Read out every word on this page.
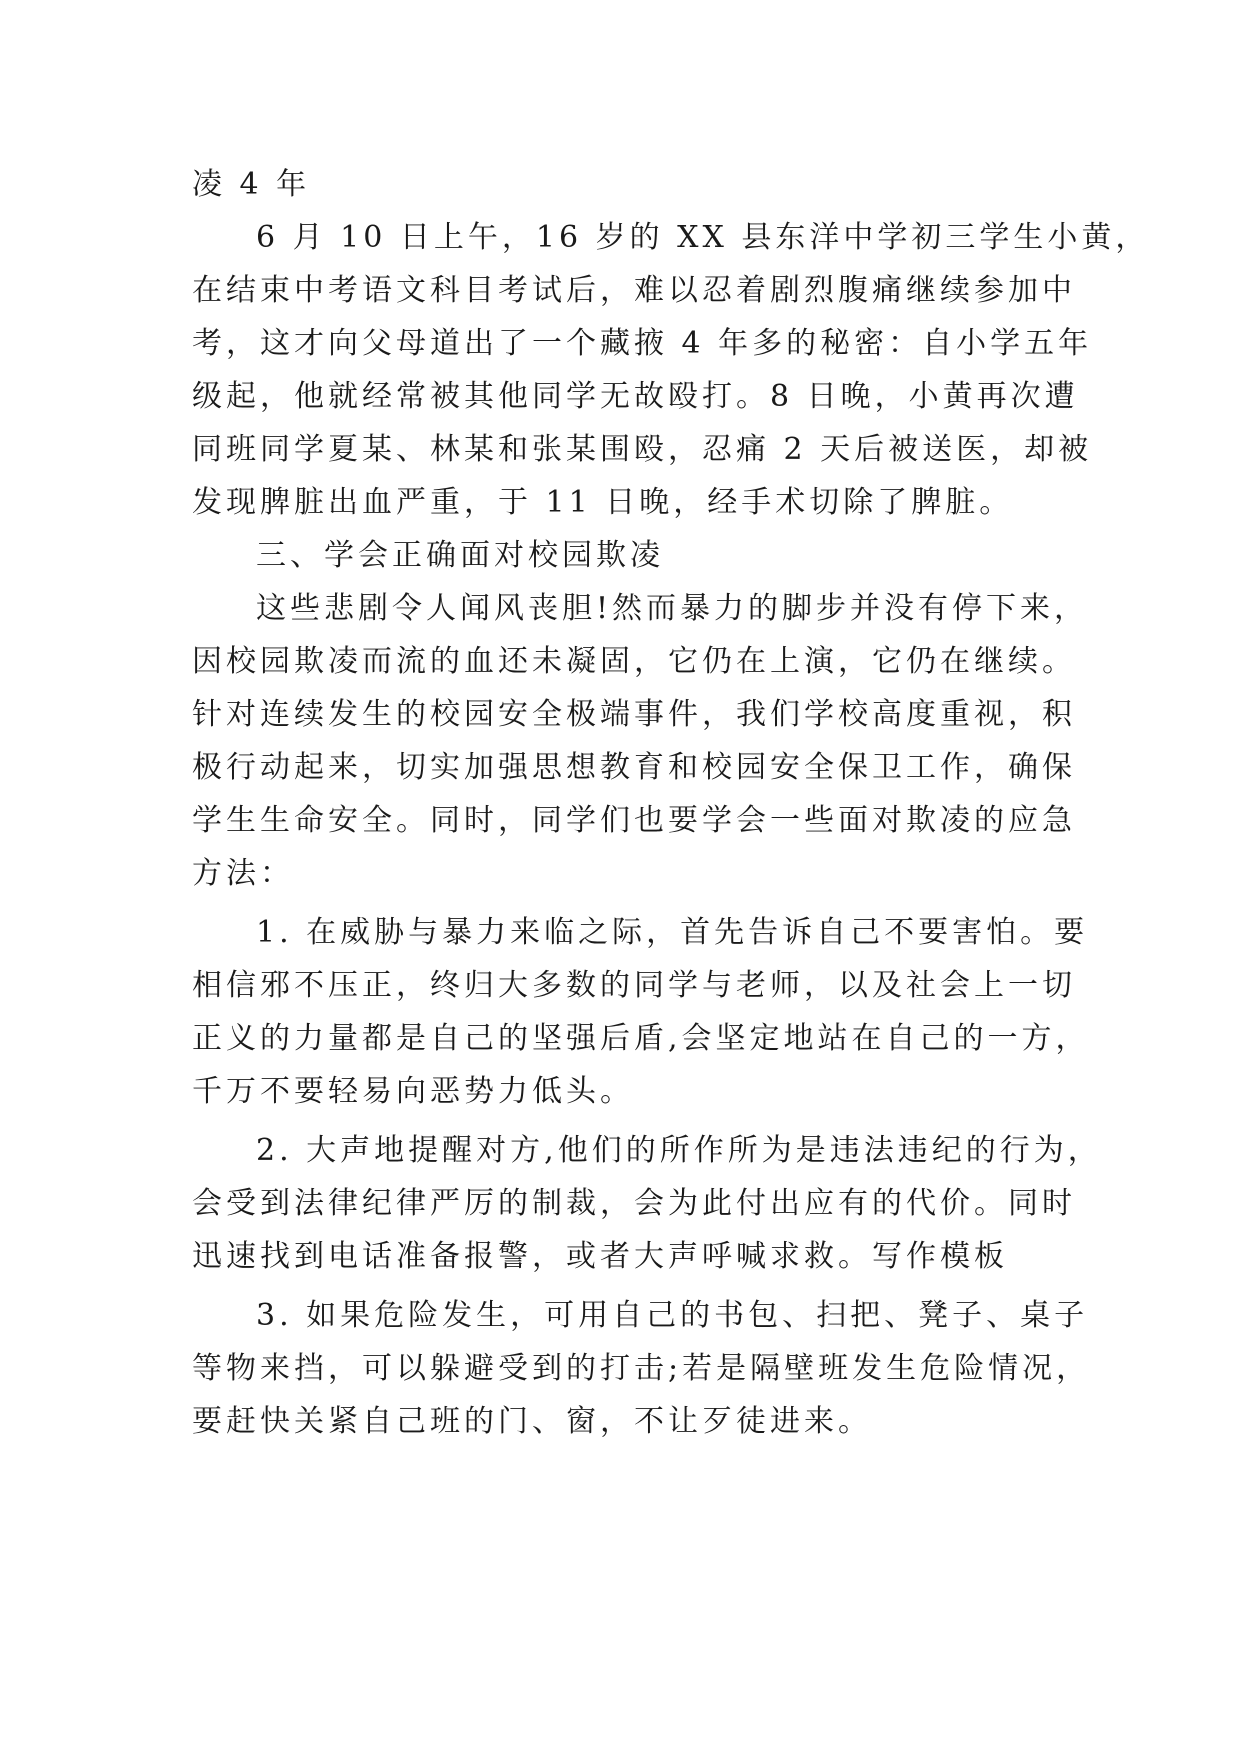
凌 4 年
6 月 10 日上午，16 岁的 XX 县东洋中学初三学生小黄，
在结束中考语文科目考试后，难以忍着剧烈腹痛继续参加中
考，这才向父母道出了一个藏掖 4 年多的秘密：自小学五年
级起，他就经常被其他同学无故殴打。8 日晚，小黄再次遭
同班同学夏某、林某和张某围殴，忍痛 2 天后被送医，却被
发现脾脏出血严重，于 11 日晚，经手术切除了脾脏。
三、学会正确面对校园欺凌
这些悲剧令人闻风丧胆!然而暴力的脚步并没有停下来，
因校园欺凌而流的血还未凝固，它仍在上演，它仍在继续。
针对连续发生的校园安全极端事件，我们学校高度重视，积
极行动起来，切实加强思想教育和校园安全保卫工作，确保
学生生命安全。同时，同学们也要学会一些面对欺凌的应急
方法：
1. 在威胁与暴力来临之际，首先告诉自己不要害怕。要
相信邪不压正，终归大多数的同学与老师，以及社会上一切
正义的力量都是自己的坚强后盾,会坚定地站在自己的一方，
千万不要轻易向恶势力低头。
2. 大声地提醒对方,他们的所作所为是违法违纪的行为，
会受到法律纪律严厉的制裁，会为此付出应有的代价。同时
迅速找到电话准备报警，或者大声呼喊求救。写作模板
3. 如果危险发生，可用自己的书包、扫把、凳子、桌子
等物来挡，可以躲避受到的打击;若是隔壁班发生危险情况，
要赶快关紧自己班的门、窗，不让歹徒进来。
